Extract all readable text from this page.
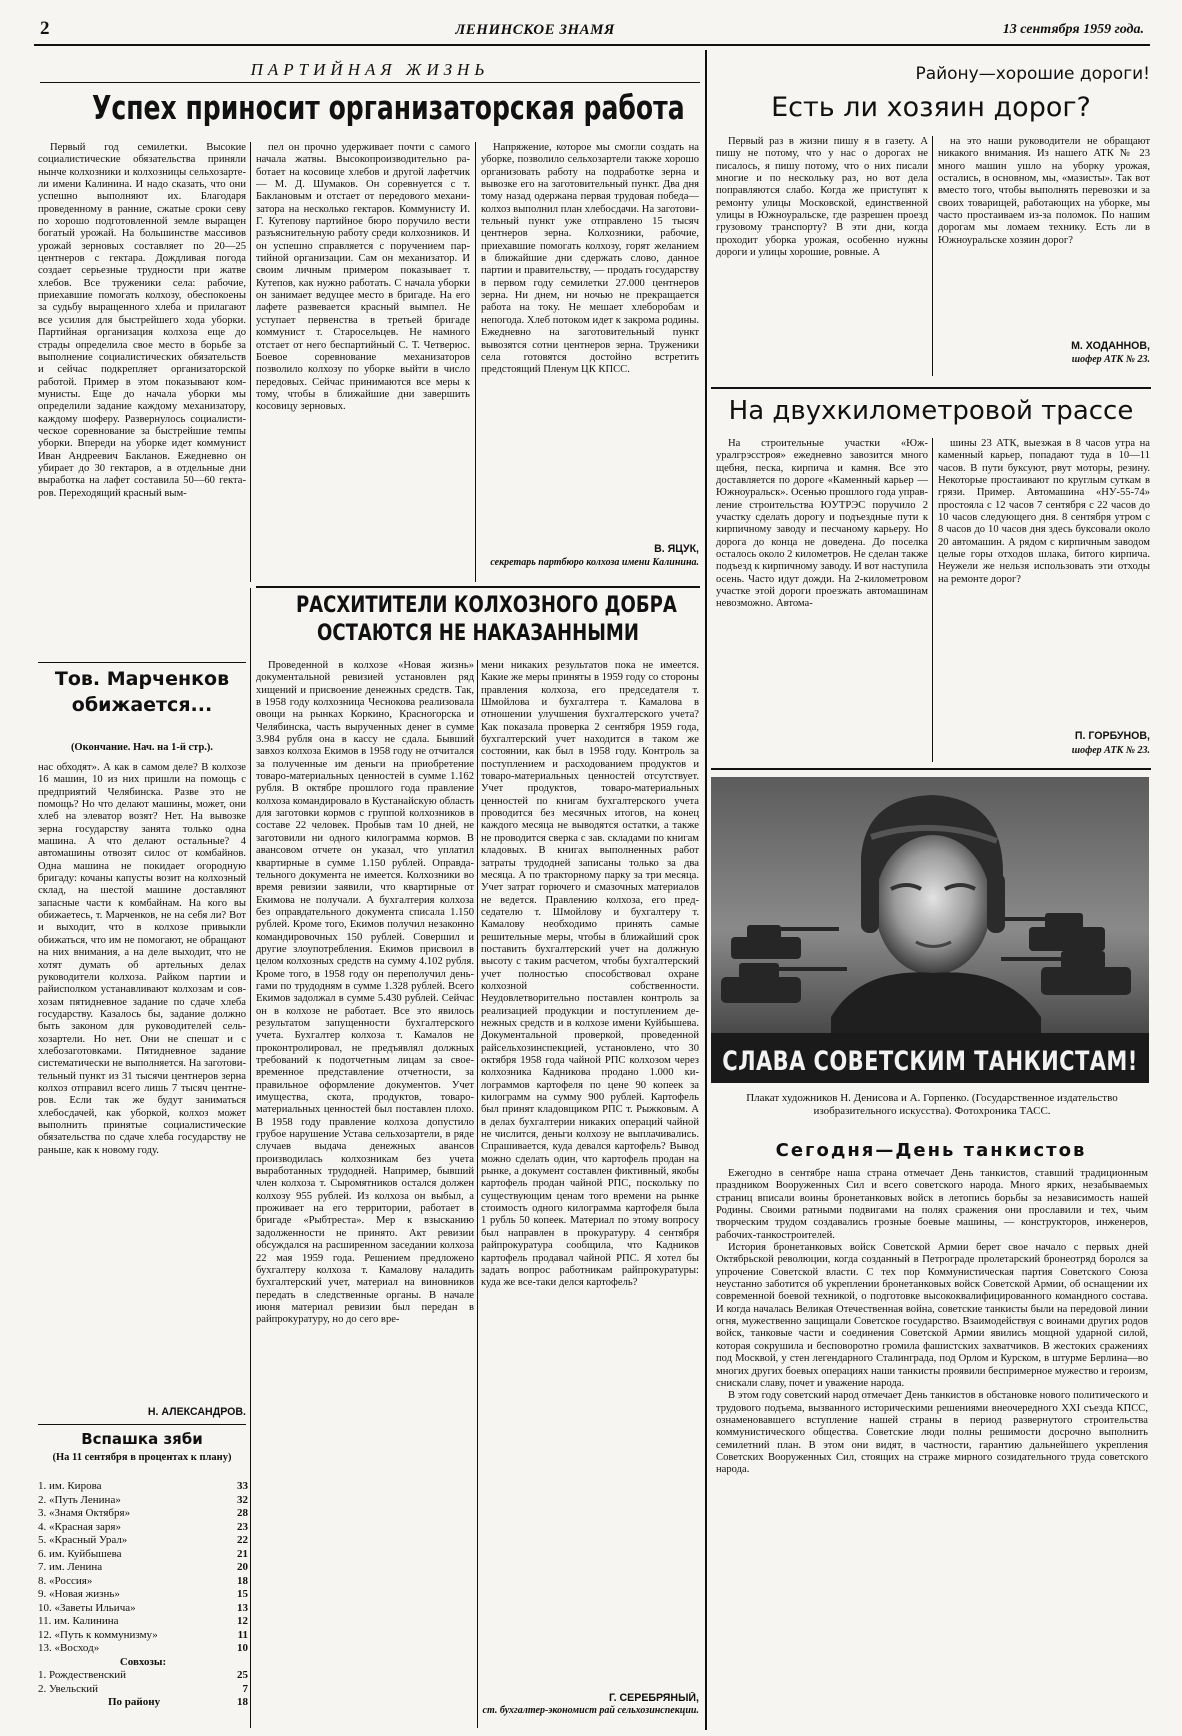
2	ЛЕНИНСКОЕ ЗНАМЯ	13 сентября 1959 года.
ПАРТИЙНАЯ ЖИЗНЬ
Успех приносит организаторская работа

Первый год семилетки. Высокие социалистические обязательства приняли нынче колхозники и колхозницы сельхозартели имени Калинина. И надо сказать, что они успешно выполняют их. Благодаря проведенному в ранние, сжатые сроки севу по хорошо подготовленной земле выращен богатый урожай. На большинстве массивов урожай зерновых составляет по 20—25 центнеров с гектара. Дождливая погода создает серьезные трудности при жатве хлебов. Все труженики села: рабочие, приехавшие помогать колхозу, обеспокоены за судьбу выращенного хлеба и прилагают все усилия для быстрейшего хода уборки. Партийная организация колхоза еще до страды определила свое место в борьбе за выполнение социалистических обязательств и сейчас подкрепляет организаторской работой. Пример в этом показывают коммунисты. Еще до начала уборки мы определили задание каждому механизатору, каждому шоферу. Развернулось социалистическое соревнование за быстрейшие темпы уборки. Впереди на уборке идет коммунист Иван Андреевич Бакланов. Ежедневно он убирает до 30 гектаров, а в отдельные дни выработка на лафет составила 50—60 гектаров. Переходящий красный вым-

пел он прочно удерживает почти с самого начала жатвы. Высокопроизводительно работает на косовице хлебов и другой лафетчик — М. Д. Шумаков. Он соревнуется с т. Баклановым и отстает от передового механизатора на несколько гектаров. Коммунисту И. Г. Кутепову партийное бюро поручило вести разъяснительную работу среди колхозников. И он успешно справляется с поручением партийной организации. Сам он механизатор. И своим личным примером показывает т. Кутепов, как нужно работать. С начала уборки он занимает ведущее место в бригаде. На его лафете развевается красный вымпел. Не уступает первенства в третьей бригаде коммунист т. Старосельцев. Не намного отстает от него беспартийный С. Т. Четверюс. Боевое соревнование механизаторов позволило колхозу по уборке выйти в число передовых. Сейчас принимаются все меры к тому, чтобы в ближайшие дни завершить косовицу зерновых.

Напряжение, которое мы смогли создать на уборке, позволило сельхозартели также хорошо организовать работу на подработке зерна и вывозке его на заготовительный пункт. Два дня тому назад одержана первая трудовая победа—колхоз выполнил план хлебосдачи. На заготовительный пункт уже отправлено 15 тысяч центнеров зерна. Колхозники, рабочие, приехавшие помогать колхозу, горят желанием в ближайшие дни сдержать слово, данное партии и правительству, — продать государству в первом году семилетки 27.000 центнеров зерна. Ни днем, ни ночью не прекращается работа на току. Не мешает хлеборобам и непогода. Хлеб потоком идет к закрома родины. Ежедневно на заготовительный пункт вывозятся сотни центнеров зерна. Труженики села готовятся достойно встретить предстоящий Пленум ЦК КПСС.

В. ЯЦУК,
секретарь партбюро колхоза имени Калинина.
Тов. Марченков обижается...
(Окончание. Нач. на 1-й стр.).

нас обходят». А как в самом деле? В колхозе 16 машин, 10 из них пришли на помощь с предприятий Челябинска. Разве это не помощь? Но что делают машины, может, они хлеб на элеватор возят? Нет. На вывозке зерна государству занята только одна машина. А что делают остальные? 4 автомашины отвозят силос от комбайнов. Одна машина не покидает огородную бригаду: кочаны капусты возит на колхозный склад, на шестой машине доставляют запасные части к комбайнам. На кого вы обижаетесь, т. Марченков, не на себя ли? Вот и выходит, что в колхозе привыкли обижаться, что им не помогают, не обращают на них внимания, а на деле выходит, что не хотят думать об артельных делах руководители колхоза. Райком партии и райисполком устанавливают колхозам и совхозам пятидневное задание по сдаче хлеба государству. Казалось бы, задание должно быть законом для руководителей сельхозартели. Но нет. Они не спешат и с хлебозаготовками. Пятидневное задание систематически не выполняется. На заготовительный пункт из 31 тысячи центнеров зерна колхоз отправил всего лишь 7 тысяч центнеров. Если так же будут заниматься хлебосдачей, как уборкой, колхоз может выполнить принятые социалистические обязательства по сдаче хлеба государству не раньше, как к новому году.

Н. АЛЕКСАНДРОВ.
Вспашка зяби
(На 11 сентября в процентах к плану)
1. им. Кирова	33
2. «Путь Ленина»	32
3. «Знамя Октября»	28
4. «Красная заря»	23
5. «Красный Урал»	22
6. им. Куйбышева	21
7. им. Ленина	20
8. «Россия»	18
9. «Новая жизнь»	15
10. «Заветы Ильича»	13
11. им. Калинина	12
12. «Путь к коммунизму»	11
13. «Восход»	10
Совхозы:
1. Рождественский	25
2. Увельский	7
По району	18
РАСХИТИТЕЛИ КОЛХОЗНОГО ДОБРА
ОСТАЮТСЯ НЕ НАКАЗАННЫМИ

Проведенной в колхозе «Новая жизнь» документальной ревизией установлен ряд хищений и присвоение денежных средств. Так, в 1958 году колхозница Чеснокова реализовала овощи на рынках Коркино, Красногорска и Челябинска, часть вырученных денег в сумме 3.984 рубля она в кассу не сдала. Бывший завхоз колхоза Екимов в 1958 году не отчитался за полученные им деньги на приобретение товаро-материальных ценностей в сумме 1.162 рубля. В октябре прошлого года правление колхоза командировало в Кустанайскую область для заготовки кормов с группой колхозников в составе 22 человек. Пробыв там 10 дней, не заготовили ни одного килограмма кормов. В авансовом отчете он указал, что уплатил квартирные в сумме 1.150 рублей. Оправдательного документа не имеется. Колхозники во время ревизии заявили, что квартирные от Екимова не получали. А бухгалтерия колхоза без оправдательного документа списала 1.150 рублей. Кроме того, Екимов получил незаконно командировочных 150 рублей. Совершил и другие злоупотребления. Екимов присвоил в целом колхозных средств на сумму 4.102 рубля. Кроме того, в 1958 году он переполучил деньгами по трудодням в сумме 1.328 рублей. Всего Екимов задолжал в сумме 5.430 рублей. Сейчас он в колхозе не работает. Все это явилось результатом запущенности бухгалтерского учета. Бухгалтер колхоза т. Камалов не проконтролировал, не предъявлял должных требований к подотчетным лицам за своевременное представление отчетности, за правильное оформление документов. Учет имущества, скота, продуктов, товароматериальных ценностей был поставлен плохо. В 1958 году правление колхоза допустило грубое нарушение Устава сельхозартели, в ряде случаев выдача денежных авансов производилась колхозникам без учета выработанных трудодней. Например, бывший член колхоза т. Сыромятников остался должен колхозу 955 рублей. Из колхоза он выбыл, а проживает на его территории, работает в бригаде «Рыбтреста». Мер к взысканию задолженности не принято. Акт ревизии обсуждался на расширенном заседании колхоза 22 мая 1959 года. Решением предложено бухгалтеру колхоза т. Камалову наладить бухгалтерский учет, материал на виновников передать в следственные органы. В начале июня материал ревизии был передан в райпрокуратуру, но до сего вре-

мени никаких результатов пока не имеется. Какие же меры приняты в 1959 году со стороны правления колхоза, его председателя т. Шмойлова и бухгалтера т. Камалова в отношении улучшения бухгалтерского учета? Как показала проверка 2 сентября 1959 года, бухгалтерский учет находится в таком же состоянии, как был в 1958 году. Контроль за поступлением и расходованием продуктов и товаро-материальных ценностей отсутствует. Учет продуктов, товаро-материальных ценностей по книгам бухгалтерского учета проводится без месячных итогов, на конец каждого месяца не выводятся остатки, а также не проводится сверка с зав. складами по книгам кладовых. В книгах выполненных работ затраты трудодней записаны только за два месяца. А по тракторному парку за три месяца. Учет затрат горючего и смазочных материалов не ведется. Правлению колхоза, его председателю т. Шмойлову и бухгалтеру т. Камалову необходимо принять самые решительные меры, чтобы в ближайший срок поставить бухгалтерский учет на должную высоту с таким расчетом, чтобы бухгалтерский учет полностью способствовал охране колхозной собственности. Неудовлетворительно поставлен контроль за реализацией продукции и поступлением денежных средств и в колхозе имени Куйбышева. Документальной проверкой, проведенной райсельхозинспекцией, установлено, что 30 октября 1958 года чайной РПС колхозом через колхозника Кадникова продано 1.000 килограммов картофеля по цене 90 копеек за килограмм на сумму 900 рублей. Картофель был принят кладовщиком РПС т. Рыжковым. А в делах бухгалтерии никаких операций чайной не числится, деньги колхозу не выплачивались. Спрашивается, куда девался картофель? Вывод можно сделать один, что картофель продан на рынке, а документ составлен фиктивный, якобы картофель продан чайной РПС, поскольку по существующим ценам того времени на рынке стоимость одного килограмма картофеля была 1 рубль 50 копеек. Материал по этому вопросу был направлен в прокуратуру. 4 сентября райпрокуратура сообщила, что Кадников картофель продавал чайной РПС. Я хотел бы задать вопрос работникам райпрокуратуры: куда же все-таки делся картофель?

Г. СЕРЕБРЯНЫЙ,
ст. бухгалтер-экономист рай сельхозинспекции.
Району—хорошие дороги!
Есть ли хозяин дорог?

Первый раз в жизни пишу я в газету. А пишу не потому, что у нас о дорогах не писалось, я пишу потому, что о них писали многие и по нескольку раз, но вот дела поправляются слабо. Когда же приступят к ремонту улицы Московской, единственной улицы в Южноуральске, где разрешен проезд грузовому транспорту? В эти дни, когда проходит уборка урожая, особенно нужны дороги и улицы хорошие, ровные. А

на это наши руководители не обращают никакого внимания. Из нашего АТК № 23 много машин ушло на уборку урожая, остались, в основном, мы, «мазисты». Так вот вместо того, чтобы выполнять перевозки и за своих товарищей, работающих на уборке, мы часто простаиваем из-за поломок. По нашим дорогам мы ломаем технику. Есть ли в Южноуральске хозяин дорог?

М. ХОДАННОВ,
шофер АТК № 23.
На двухкилометровой трассе

На строительные участки «Южуралгрэсстроя» ежедневно завозится много щебня, песка, кирпича и камня. Все это доставляется по дороге «Каменный карьер — Южноуральск». Осенью прошлого года управление строительства ЮУТРЭС поручило 2 участку сделать дорогу и подъездные пути к кирпичному заводу и песчаному карьеру. Но дорога до конца не доведена. До поселка осталось около 2 километров. Не сделан также подъезд к кирпичному заводу. И вот наступила осень. Часто идут дожди. На 2-километровом участке этой дороги проезжать автомашинам невозможно. Автома-

шины 23 АТК, выезжая в 8 часов утра на каменный карьер, попадают туда в 10—11 часов. В пути буксуют, рвут моторы, резину. Некоторые простаивают по круглым суткам в грязи. Пример. Автомашина «НУ-55-74» простояла с 12 часов 7 сентября с 22 часов до 10 часов следующего дня. 8 сентября утром с 8 часов до 10 часов дня здесь буксовали около 20 автомашин. А рядом с кирпичным заводом целые горы отходов шлака, битого кирпича. Неужели же нельзя использовать эти отходы на ремонте дорог?

П. ГОРБУНОВ,
шофер АТК № 23.
СЛАВА СОВЕТСКИМ ТАНКИСТАМ!
Плакат художников Н. Денисова и А. Горпенко. (Государственное издательство изобразительного искусства). Фотохроника ТАСС.
Сегодня—День танкистов

Ежегодно в сентябре наша страна отмечает День танкистов, ставший традиционным праздником Вооруженных Сил и всего советского народа. Много ярких, незабываемых страниц вписали воины бронетанковых войск в летопись борьбы за независимость нашей Родины. Своими ратными подвигами на полях сражения они прославили и тех, чьим творческим трудом создавались грозные боевые машины, — конструкторов, инженеров, рабочих-танкостроителей.

История бронетанковых войск Советской Армии берет свое начало с первых дней Октябрьской революции, когда созданный в Петрограде пролетарский бронеотряд боролся за упрочение Советской власти. С тех пор Коммунистическая партия Советского Союза неустанно заботится об укреплении бронетанковых войск Советской Армии, об оснащении их современной боевой техникой, о подготовке высококвалифицированного командного состава. И когда началась Великая Отечественная война, советские танкисты были на передовой линии огня, мужественно защищали Советское государство. Взаимодействуя с воинами других родов войск, танковые части и соединения Советской Армии явились мощной ударной силой, которая сокрушила и бесповоротно громила фашистских захватчиков. В жестоких сражениях под Москвой, у стен легендарного Сталинграда, под Орлом и Курском, в штурме Берлина—во многих других боевых операциях наши танкисты проявили беспримерное мужество и героизм, снискали славу, почет и уважение народа.

В этом году советский народ отмечает День танкистов в обстановке нового политического и трудового подъема, вызванного историческими решениями внеочередного XXI съезда КПСС, ознаменовавшего вступление нашей страны в период развернутого строительства коммунистического общества. Советские люди полны решимости досрочно выполнить семилетний план. В этом они видят, в частности, гарантию дальнейшего укрепления Советских Вооруженных Сил, стоящих на страже мирного созидательного труда советского народа.
